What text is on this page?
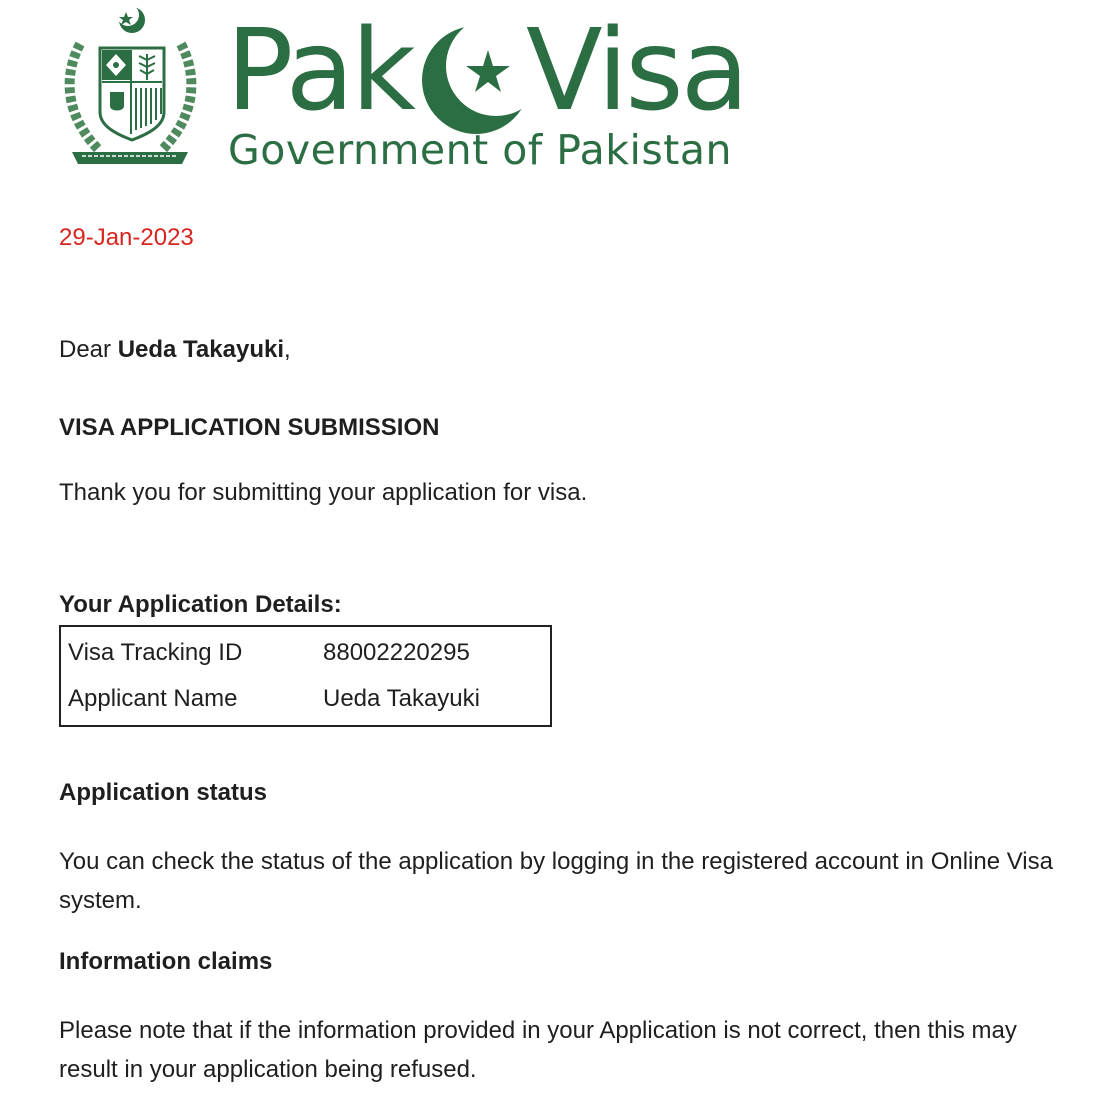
Pak Visa
Government of Pakistan
29-Jan-2023
Dear Ueda Takayuki,
VISA APPLICATION SUBMISSION
Thank you for submitting your application for visa.
Your Application Details:
Visa Tracking ID	88002220295
Applicant Name	Ueda Takayuki
Application status
You can check the status of the application by logging in the registered account in Online Visa system.
Information claims
Please note that if the information provided in your Application is not correct, then this may result in your application being refused.
